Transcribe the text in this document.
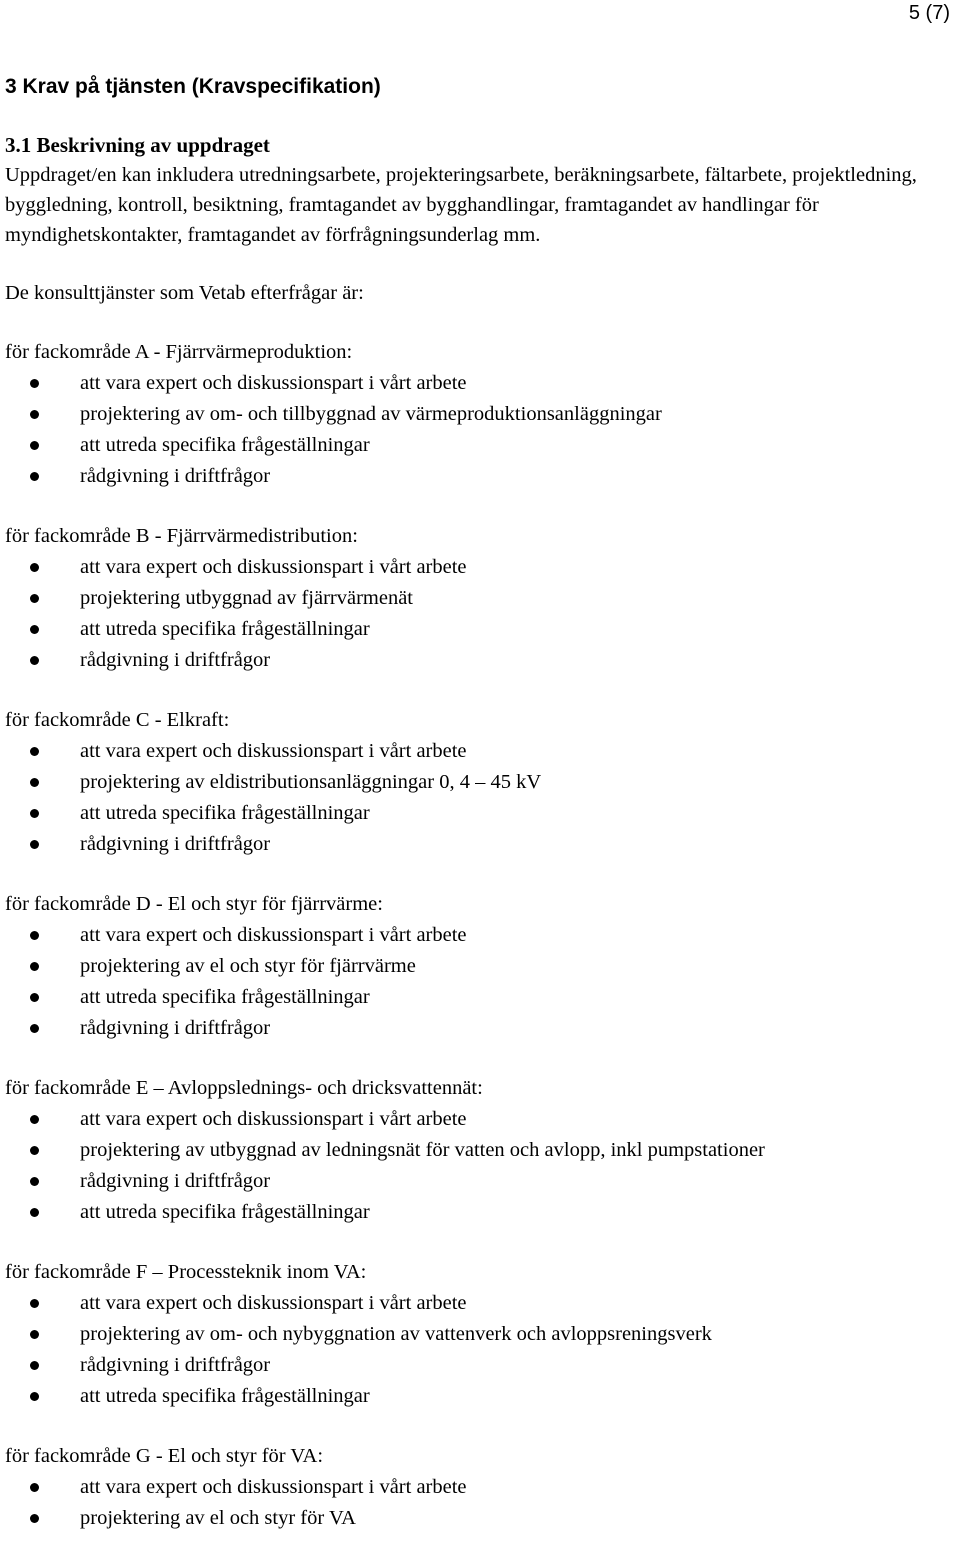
5 (7)
3 Krav på tjänsten (Kravspecifikation)
3.1 Beskrivning av uppdraget

Uppdraget/en kan inkludera utredningsarbete, projekteringsarbete, beräkningsarbete, fältarbete, projektledning, byggledning, kontroll, besiktning, framtagandet av bygghandlingar, framtagandet av handlingar för myndighetskontakter, framtagandet av förfrågningsunderlag mm.

De konsulttjänster som Vetab efterfrågar är:

för fackområde A - Fjärrvärmeproduktion:

att vara expert och diskussionspart i vårt arbete
projektering av om- och tillbyggnad av värmeproduktionsanläggningar
att utreda specifika frågeställningar
rådgivning i driftfrågor

för fackområde B - Fjärrvärmedistribution:

att vara expert och diskussionspart i vårt arbete
projektering utbyggnad av fjärrvärmenät
att utreda specifika frågeställningar
rådgivning i driftfrågor

för fackområde C - Elkraft:

att vara expert och diskussionspart i vårt arbete
projektering av eldistributionsanläggningar 0, 4 – 45 kV
att utreda specifika frågeställningar
rådgivning i driftfrågor

för fackområde D - El och styr för fjärrvärme:

att vara expert och diskussionspart i vårt arbete
projektering av el och styr för fjärrvärme
att utreda specifika frågeställningar
rådgivning i driftfrågor

för fackområde E – Avloppslednings- och dricksvattennät:

att vara expert och diskussionspart i vårt arbete
projektering av utbyggnad av ledningsnät för vatten och avlopp, inkl pumpstationer
rådgivning i driftfrågor
att utreda specifika frågeställningar

för fackområde F – Processteknik inom VA:

att vara expert och diskussionspart i vårt arbete
projektering av om- och nybyggnation av vattenverk och avloppsreningsverk
rådgivning i driftfrågor
att utreda specifika frågeställningar

för fackområde G - El och styr för VA:

att vara expert och diskussionspart i vårt arbete
projektering av el och styr för VA
